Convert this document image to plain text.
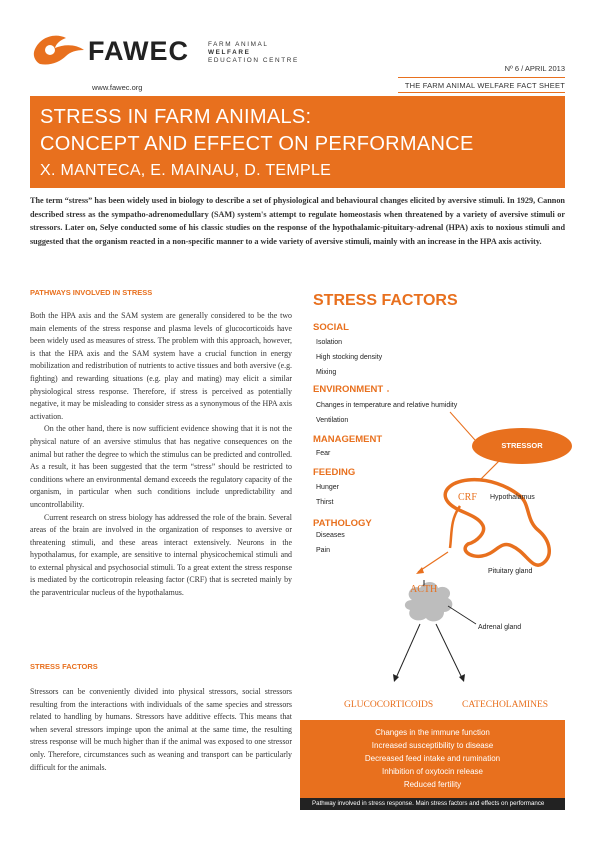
FAWEC	FARM ANIMAL
WELFARE
EDUCATION CENTRE
www.fawec.org
Nº 6 / APRIL 2013
THE FARM ANIMAL WELFARE FACT SHEET
STRESS IN FARM ANIMALS:
CONCEPT AND EFFECT ON PERFORMANCE
X. MANTECA, E. MAINAU, D. TEMPLE
The term “stress” has been widely used in biology to describe a set of physiological and behavioural changes elicited by aversive stimuli. In 1929, Cannon described stress as the sympatho-adrenomedullary (SAM) system's attempt to regulate homeostasis when threatened by a variety of aversive stimuli or stressors. Later on, Selye conducted some of his classic studies on the response of the hypothalamic-pituitary-adrenal (HPA) axis to noxious stimuli and suggested that the organism reacted in a non-specific manner to a wide variety of aversive stimuli, mainly with an increase in the HPA axis activity.
PATHWAYS INVOLVED IN STRESS

Both the HPA axis and the SAM system are generally considered to be the two main elements of the stress response and plasma levels of glucocorticoids have been widely used as measures of stress. The problem with this approach, however, is that the HPA axis and the SAM system have a crucial function in energy mobilization and redistribution of nutrients to active tissues and both aversive (e.g. fighting) and rewarding situations (e.g. play and mating) may elicit a similar physiological stress response. Therefore, if stress is perceived as potentially negative, it may be misleading to consider stress as a synonymous of the HPA axis activation.

On the other hand, there is now sufficient evidence showing that it is not the physical nature of an aversive stimulus that has negative consequences on the animal but rather the degree to which the stimulus can be predicted and controlled. As a result, it has been suggested that the term “stress” should be restricted to conditions where an environmental demand exceeds the regulatory capacity of the organism, in particular when such conditions include unpredictability and uncontrollability.

Current research on stress biology has addressed the role of the brain. Several areas of the brain are involved in the organization of responses to aversive or threatening stimuli, and these areas interact extensively. Neurons in the hypothalamus, for example, are sensitive to internal physicochemical stimuli and to external physical and psychosocial stimuli. To a great extent the stress response is mediated by the corticotropin releasing factor (CRF) that is secreted mainly by the paraventricular nucleus of the hypothalamus.

STRESS FACTORS

Stressors can be conveniently divided into physical stressors, social stressors resulting from the interactions with individuals of the same species and stressors related to handling by humans. Stressors have additive effects. This means that when several stressors impinge upon the animal at the same time, the resulting stress response will be much higher than if the animal was exposed to one stressor only. Therefore, circumstances such as weaning and transport can be particularly difficult for the animals.

STRESS FACTORS
SOCIAL
Isolation
High stocking density
Mixing
ENVIRONMENT
Changes in temperature and relative humidity
Ventilation
MANAGEMENT
Fear
FEEDING
Hunger
Thirst
PATHOLOGY
Diseases
Pain
STRESSOR
CRF Hypothalamus
Pituitary gland
ACTH
Adrenal gland
GLUCOCORTICOIDS	CATECHOLAMINES
Changes in the immune function
Increased susceptibility to disease
Decreased feed intake and rumination
Inhibition of oxytocin release
Reduced fertility
Pathway involved in stress response. Main stress factors and effects on performance
